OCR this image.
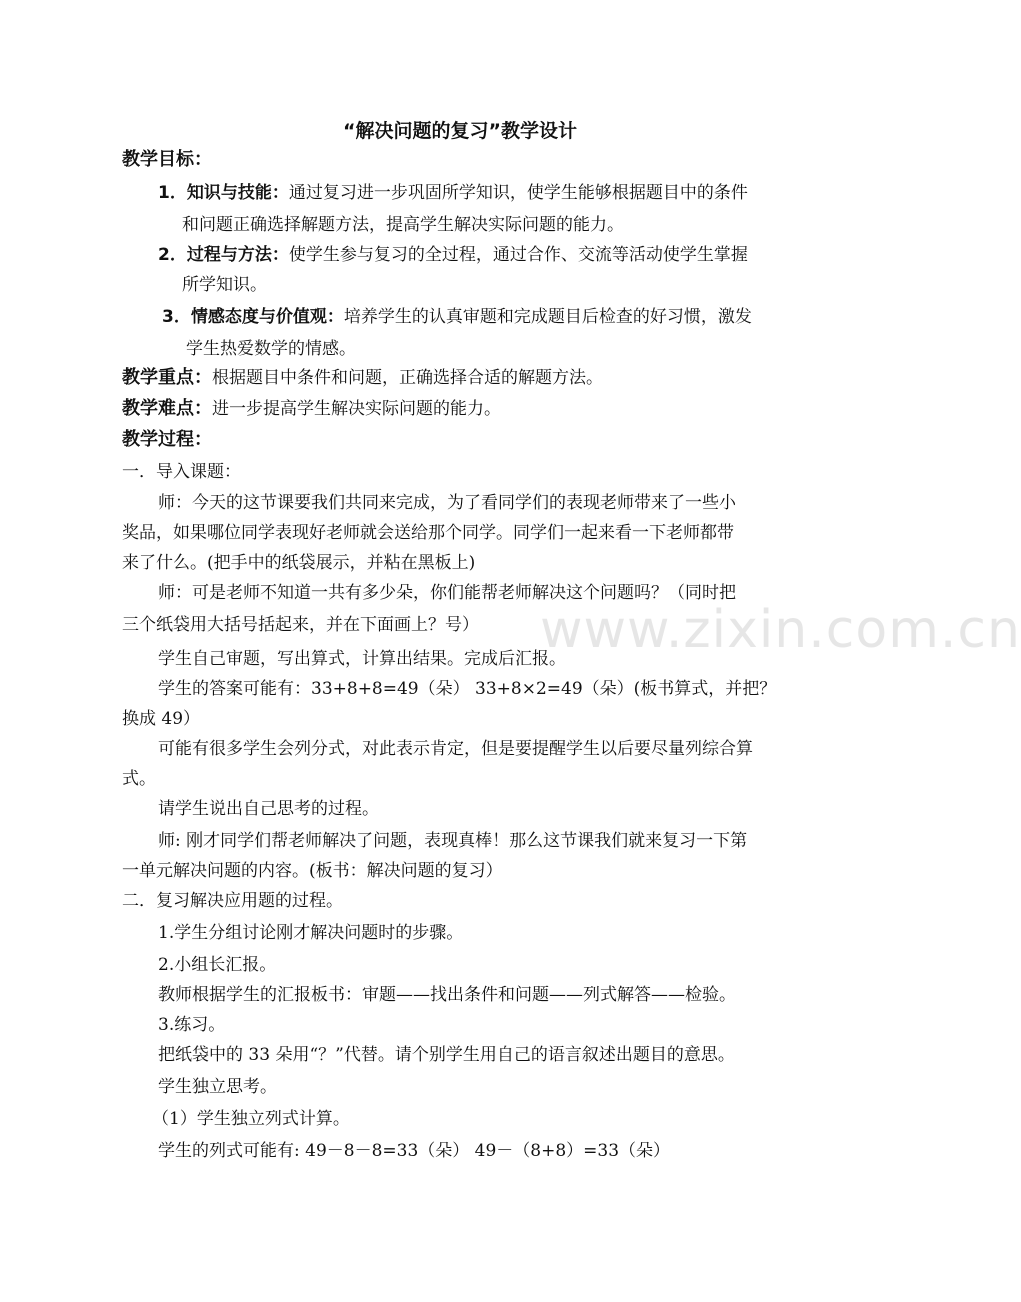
www.zixin.com.cn
“解决问题的复习”教学设计
教学目标：
1．知识与技能：通过复习进一步巩固所学知识，使学生能够根据题目中的条件
和问题正确选择解题方法，提高学生解决实际问题的能力。
2．过程与方法：使学生参与复习的全过程，通过合作、交流等活动使学生掌握
所学知识。
3．情感态度与价值观：培养学生的认真审题和完成题目后检查的好习惯，激发
学生热爱数学的情感。
教学重点：根据题目中条件和问题，正确选择合适的解题方法。
教学难点：进一步提高学生解决实际问题的能力。
教学过程：
一．导入课题：
师：今天的这节课要我们共同来完成，为了看同学们的表现老师带来了一些小
奖品，如果哪位同学表现好老师就会送给那个同学。同学们一起来看一下老师都带
来了什么。(把手中的纸袋展示，并粘在黑板上)
师：可是老师不知道一共有多少朵，你们能帮老师解决这个问题吗？（同时把
三个纸袋用大括号括起来，并在下面画上？号）
学生自己审题，写出算式，计算出结果。完成后汇报。
学生的答案可能有：33+8+8=49（朵） 33+8×2=49（朵）(板书算式，并把？
换成 49）
可能有很多学生会列分式，对此表示肯定，但是要提醒学生以后要尽量列综合算
式。
请学生说出自己思考的过程。
师: 刚才同学们帮老师解决了问题，表现真棒！那么这节课我们就来复习一下第
一单元解决问题的内容。(板书：解决问题的复习）
二．复习解决应用题的过程。
1.学生分组讨论刚才解决问题时的步骤。
2.小组长汇报。
教师根据学生的汇报板书：审题——找出条件和问题——列式解答——检验。
3.练习。
把纸袋中的 33 朵用“？”代替。请个别学生用自己的语言叙述出题目的意思。
学生独立思考。
（1）学生独立列式计算。
学生的列式可能有: 49－8－8=33（朵） 49－（8+8）=33（朵）
